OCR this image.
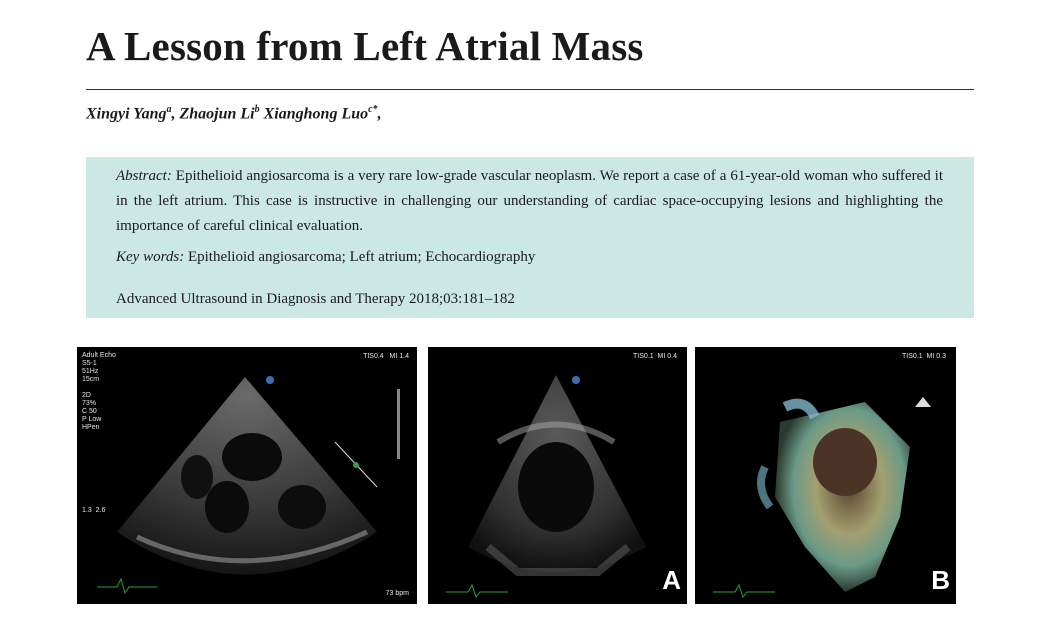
A Lesson from Left Atrial Mass
Xingyi Yang$^a$, Zhaojun Li$^b$ Xianghong Luo$^{c*}$,
Abstract: Epithelioid angiosarcoma is a very rare low-grade vascular neoplasm. We report a case of a 61-year-old woman who suffered it in the left atrium. This case is instructive in challenging our understanding of cardiac space-occupying lesions and highlighting the importance of careful clinical evaluation.
Key words: Epithelioid angiosarcoma; Left atrium; Echocardiography
Advanced Ultrasound in Diagnosis and Therapy 2018;03:181–182
Adult Echo
S5-1
51Hz
15cm

2D
73%
C 50
P Low
HPen
TIS0.4   MI 1.4
1.3  2.6
73 bpm
TIS0.1  MI 0.4
A
TIS0.1  MI 0.3
B
